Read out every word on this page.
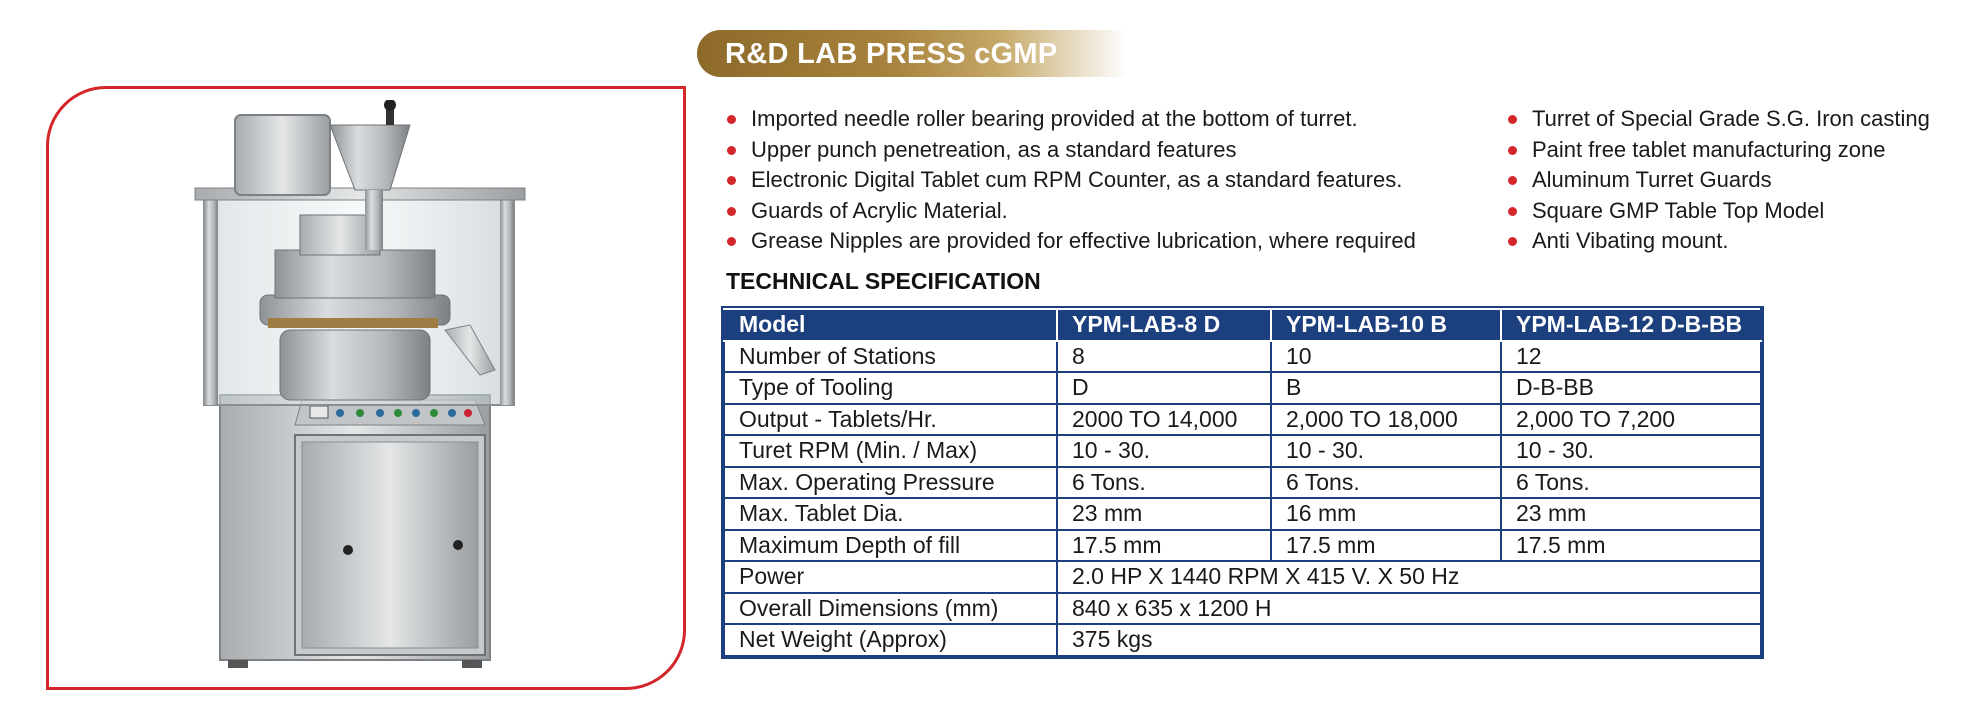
R&D LAB PRESS cGMP
Imported needle roller bearing provided at the bottom of turret.
Upper punch penetreation, as a standard features
Electronic Digital Tablet cum RPM Counter, as a standard features.
Guards of Acrylic Material.
Grease Nipples are provided for effective lubrication, where required
Turret of Special Grade S.G. Iron casting
Paint free tablet manufacturing zone
Aluminum Turret Guards
Square GMP Table Top Model
Anti Vibating mount.
TECHNICAL SPECIFICATION
Model	YPM-LAB-8 D	YPM-LAB-10 B	YPM-LAB-12 D-B-BB
Number of Stations	8	10	12
Type of Tooling	D	B	D-B-BB
Output - Tablets/Hr.	2000 TO 14,000	2,000 TO 18,000	2,000 TO 7,200
Turet RPM (Min. / Max)	10 - 30.	10 - 30.	10 - 30.
Max. Operating Pressure	6 Tons.	6 Tons.	6 Tons.
Max. Tablet Dia.	23 mm	16 mm	23 mm
Maximum Depth of fill	17.5 mm	17.5 mm	17.5 mm
Power	2.0 HP X 1440 RPM X 415 V. X 50 Hz		
Overall Dimensions (mm)	840 x 635 x 1200 H		
Net Weight (Approx)	375 kgs		
